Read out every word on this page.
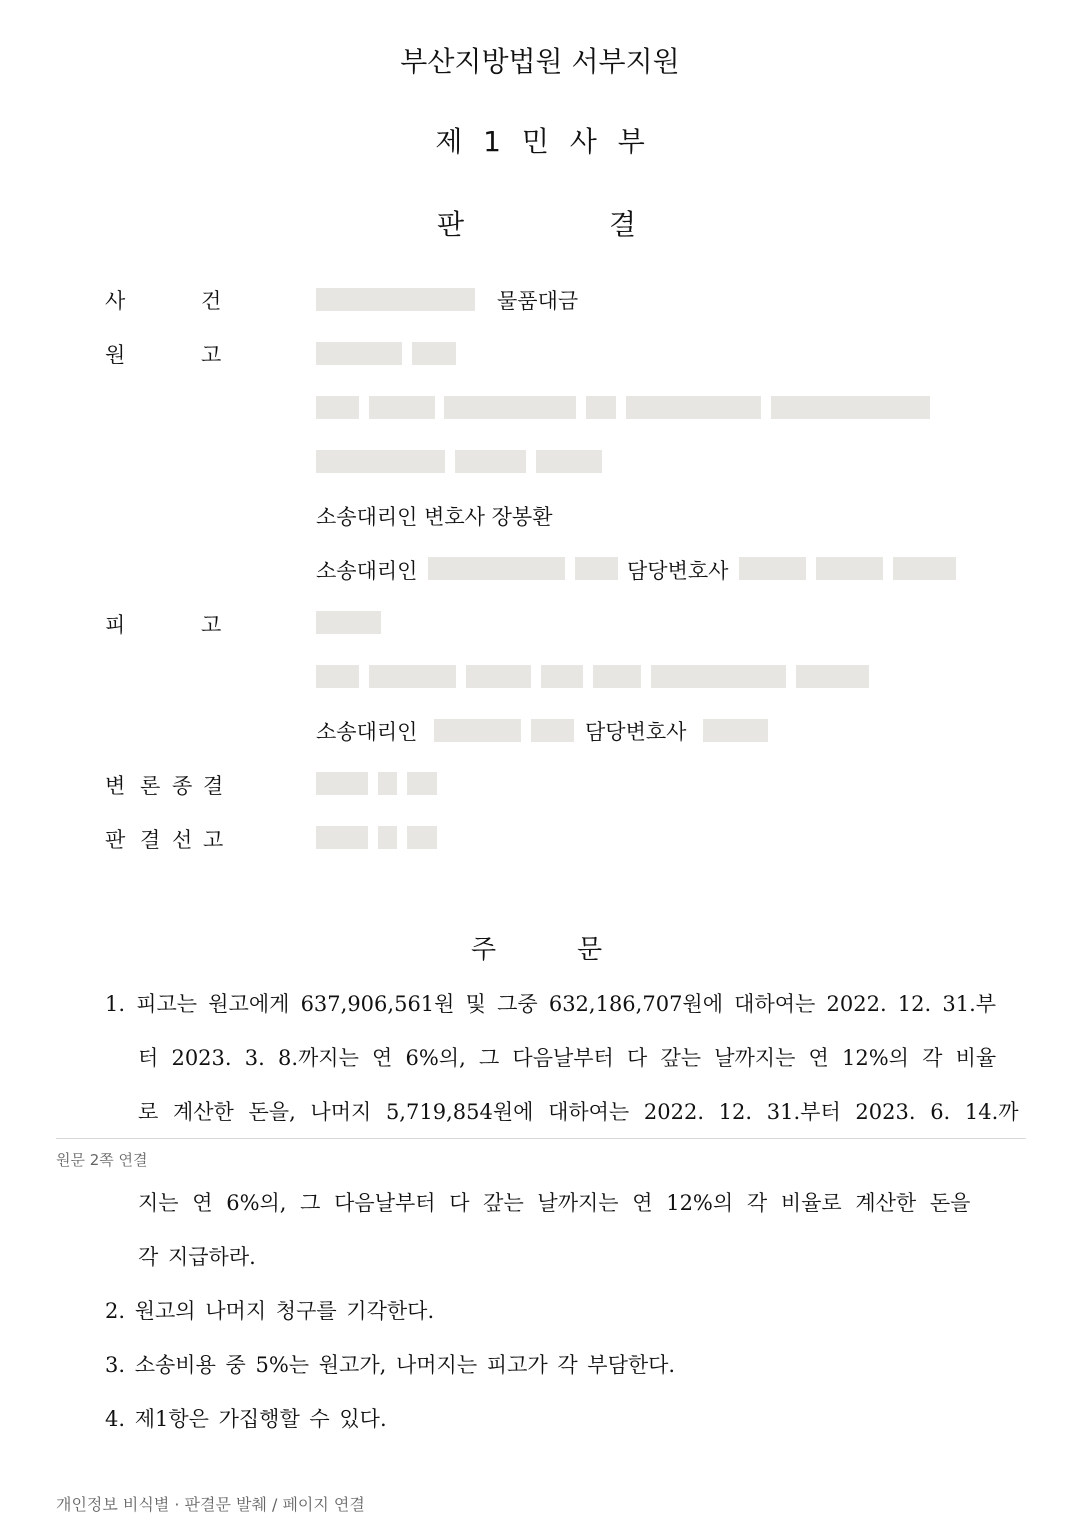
부산지방법원 서부지원
제 1 민 사 부
판	결
사	건	물품대금
원	고
소송대리인 변호사 장봉환
소송대리인	담당변호사
피	고
소송대리인	담당변호사
변 론 종 결
판 결 선 고
주	문
1. 피고는 원고에게 637,906,561원 및 그중 632,186,707원에 대하여는 2022. 12. 31.부
터 2023. 3. 8.까지는 연 6%의, 그 다음날부터 다 갚는 날까지는 연 12%의 각 비율
로 계산한 돈을, 나머지 5,719,854원에 대하여는 2022. 12. 31.부터 2023. 6. 14.까
원문 2쪽 연결
지는 연 6%의, 그 다음날부터 다 갚는 날까지는 연 12%의 각 비율로 계산한 돈을
각 지급하라.
2. 원고의 나머지 청구를 기각한다.
3. 소송비용 중 5%는 원고가, 나머지는 피고가 각 부담한다.
4. 제1항은 가집행할 수 있다.
개인정보 비식별 · 판결문 발췌 / 페이지 연결
